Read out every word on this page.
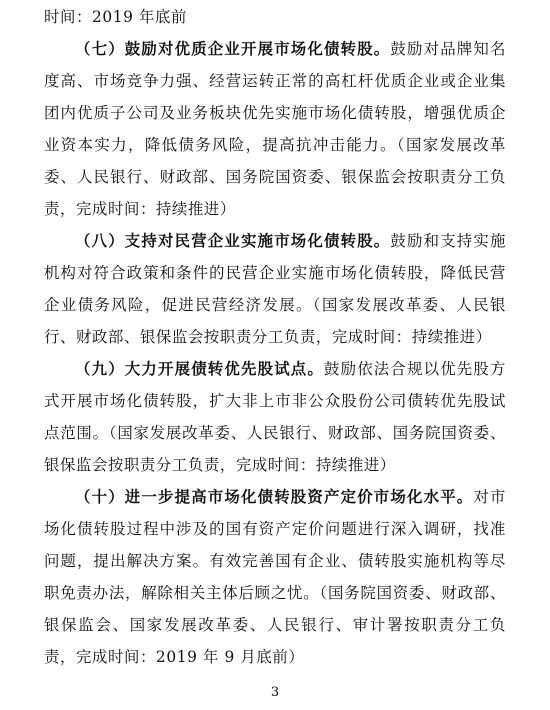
时间：2019 年底前

（七）鼓励对优质企业开展市场化债转股。鼓励对品牌知名度高、市场竞争力强、经营运转正常的高杠杆优质企业或企业集团内优质子公司及业务板块优先实施市场化债转股，增强优质企业资本实力，降低债务风险，提高抗冲击能力。（国家发展改革委、人民银行、财政部、国务院国资委、银保监会按职责分工负责，完成时间：持续推进）

（八）支持对民营企业实施市场化债转股。鼓励和支持实施机构对符合政策和条件的民营企业实施市场化债转股，降低民营企业债务风险，促进民营经济发展。（国家发展改革委、人民银行、财政部、银保监会按职责分工负责，完成时间：持续推进）

（九）大力开展债转优先股试点。鼓励依法合规以优先股方式开展市场化债转股，扩大非上市非公众股份公司债转优先股试点范围。（国家发展改革委、人民银行、财政部、国务院国资委、银保监会按职责分工负责，完成时间：持续推进）

（十）进一步提高市场化债转股资产定价市场化水平。对市场化债转股过程中涉及的国有资产定价问题进行深入调研，找准问题，提出解决方案。有效完善国有企业、债转股实施机构等尽职免责办法，解除相关主体后顾之忧。（国务院国资委、财政部、银保监会、国家发展改革委、人民银行、审计署按职责分工负责，完成时间：2019 年 9 月底前）

3
